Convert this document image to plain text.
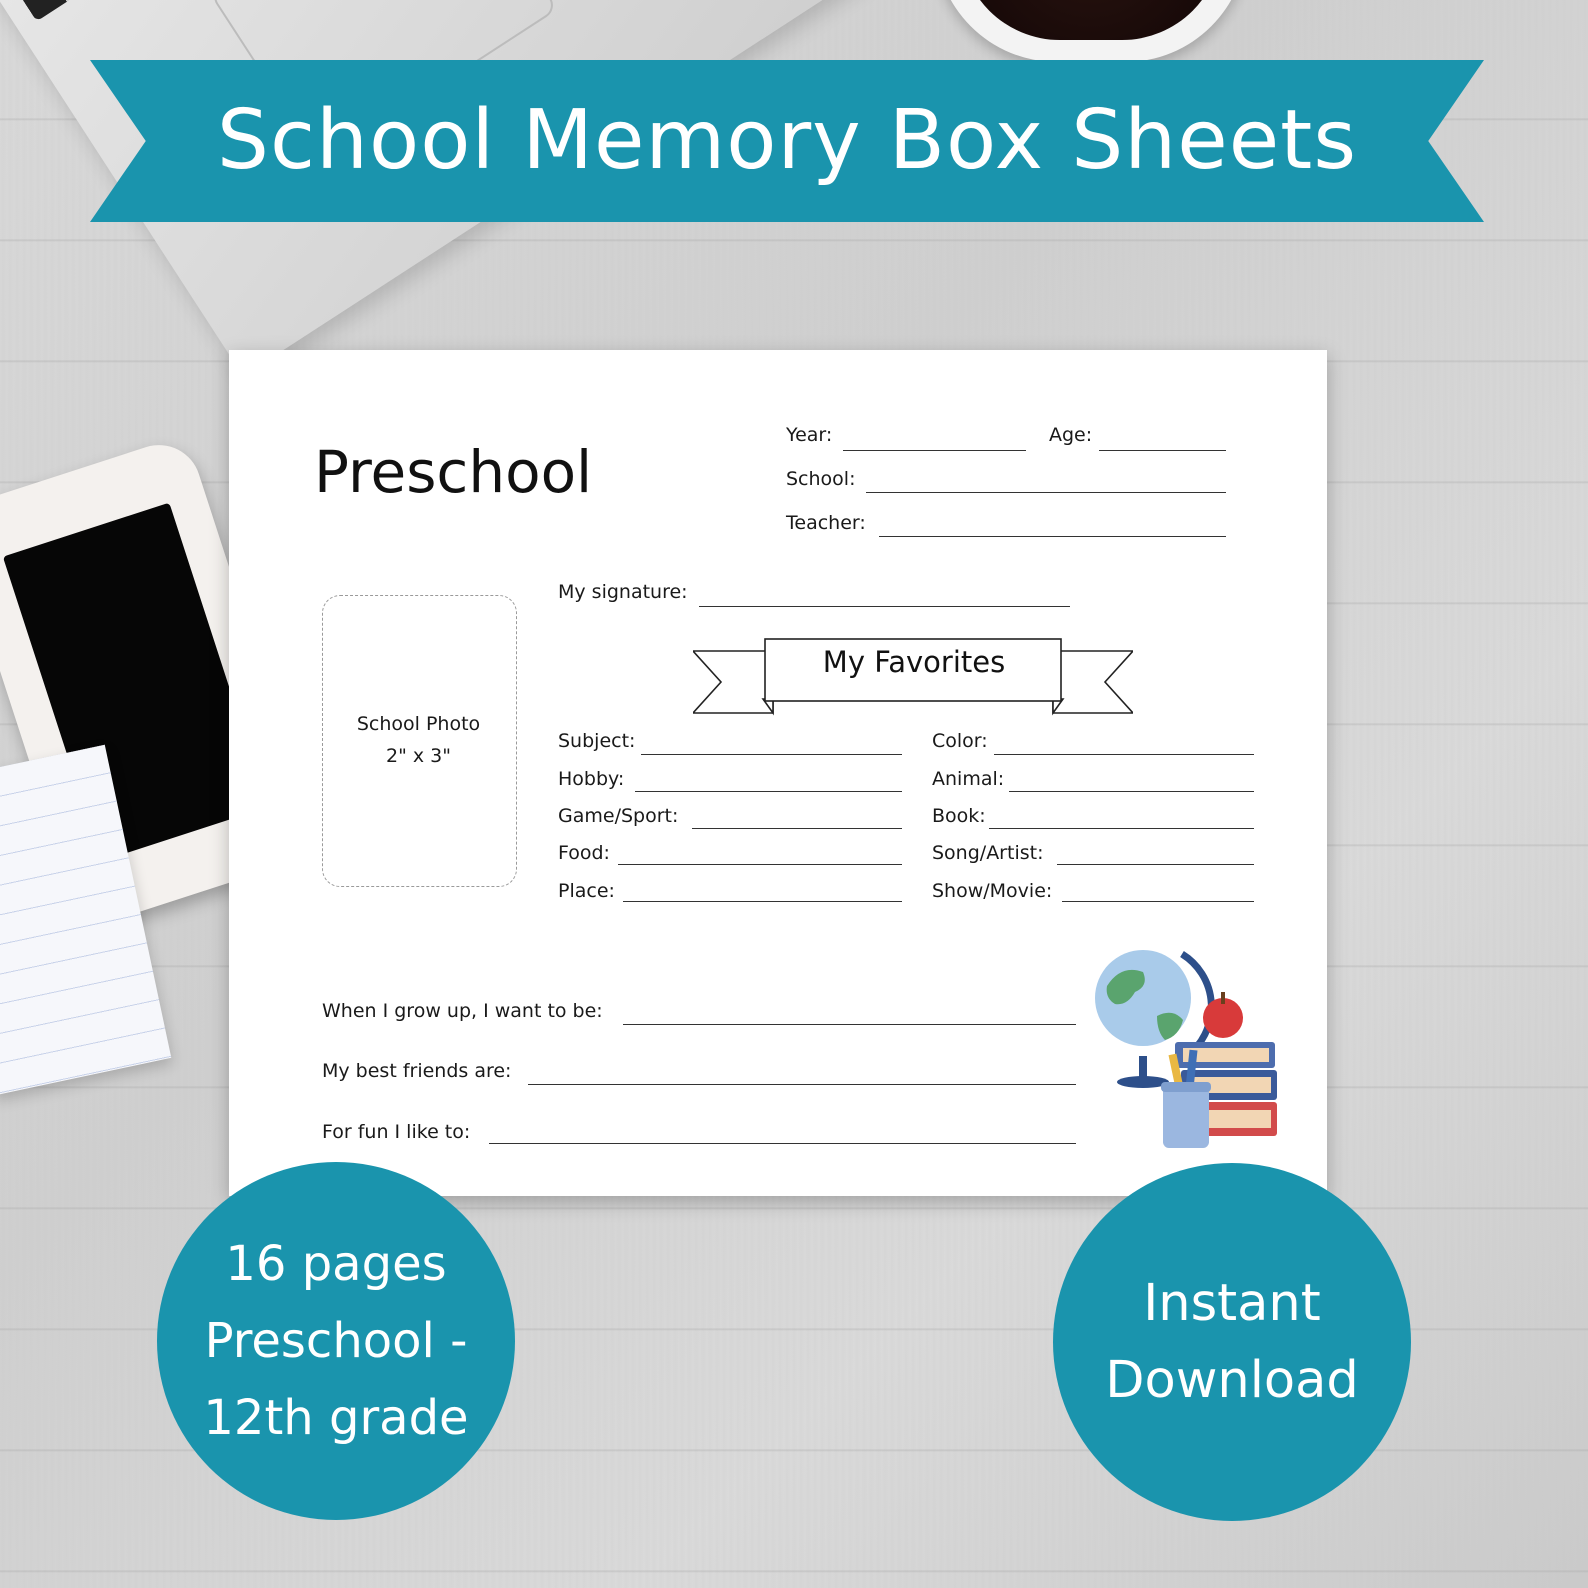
School Memory Box Sheets
Preschool
Year:	Age:
School:
Teacher:
My signature:
School Photo
2" x 3"
My Favorites
Subject:
Hobby:
Game/Sport:
Food:
Place:
Color:
Animal:
Book:
Song/Artist:
Show/Movie:
When I grow up, I want to be:
My best friends are:
For fun I like to:
16 pages
Preschool -
12th grade
Instant
Download
